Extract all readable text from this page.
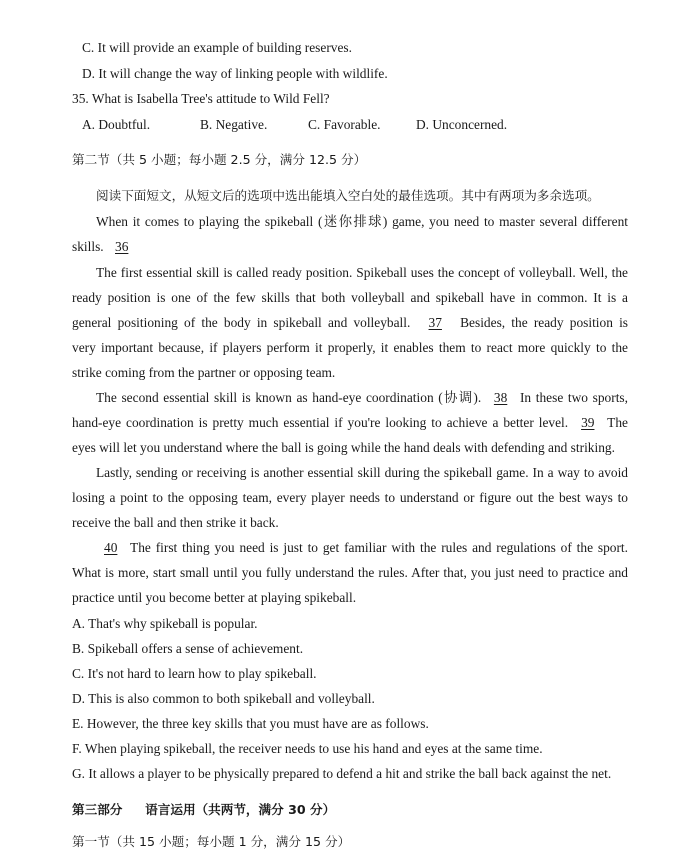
C. It will provide an example of building reserves.
D. It will change the way of linking people with wildlife.
35. What is Isabella Tree's attitude to Wild Fell?
A. Doubtful.	B. Negative.	C. Favorable.	D. Unconcerned.
第二节（共 5 小题；每小题 2.5 分，满分 12.5 分）
阅读下面短文，从短文后的选项中选出能填入空白处的最佳选项。其中有两项为多余选项。
When it comes to playing the spikeball (迷你排球) game, you need to master several different
skills. 36
The first essential skill is called ready position. Spikeball uses the concept of volleyball. Well, the
ready position is one of the few skills that both volleyball and spikeball have in common. It is a
general positioning of the body in spikeball and volleyball. 37 Besides, the ready position is
very important because, if players perform it properly, it enables them to react more quickly to the
strike coming from the partner or opposing team.
The second essential skill is known as hand-eye coordination (协调). 38 In these two sports,
hand-eye coordination is pretty much essential if you're looking to achieve a better level. 39 The
eyes will let you understand where the ball is going while the hand deals with defending and striking.
Lastly, sending or receiving is another essential skill during the spikeball game. In a way to avoid
losing a point to the opposing team, every player needs to understand or figure out the best ways to
receive the ball and then strike it back.
40 The first thing you need is just to get familiar with the rules and regulations of the sport.
What is more, start small until you fully understand the rules. After that, you just need to practice and
practice until you become better at playing spikeball.
A. That's why spikeball is popular.
B. Spikeball offers a sense of achievement.
C. It's not hard to learn how to play spikeball.
D. This is also common to both spikeball and volleyball.
E. However, the three key skills that you must have are as follows.
F. When playing spikeball, the receiver needs to use his hand and eyes at the same time.
G. It allows a player to be physically prepared to defend a hit and strike the ball back against the net.
第三部分 语言运用（共两节，满分 30 分）
第一节（共 15 小题；每小题 1 分，满分 15 分）
